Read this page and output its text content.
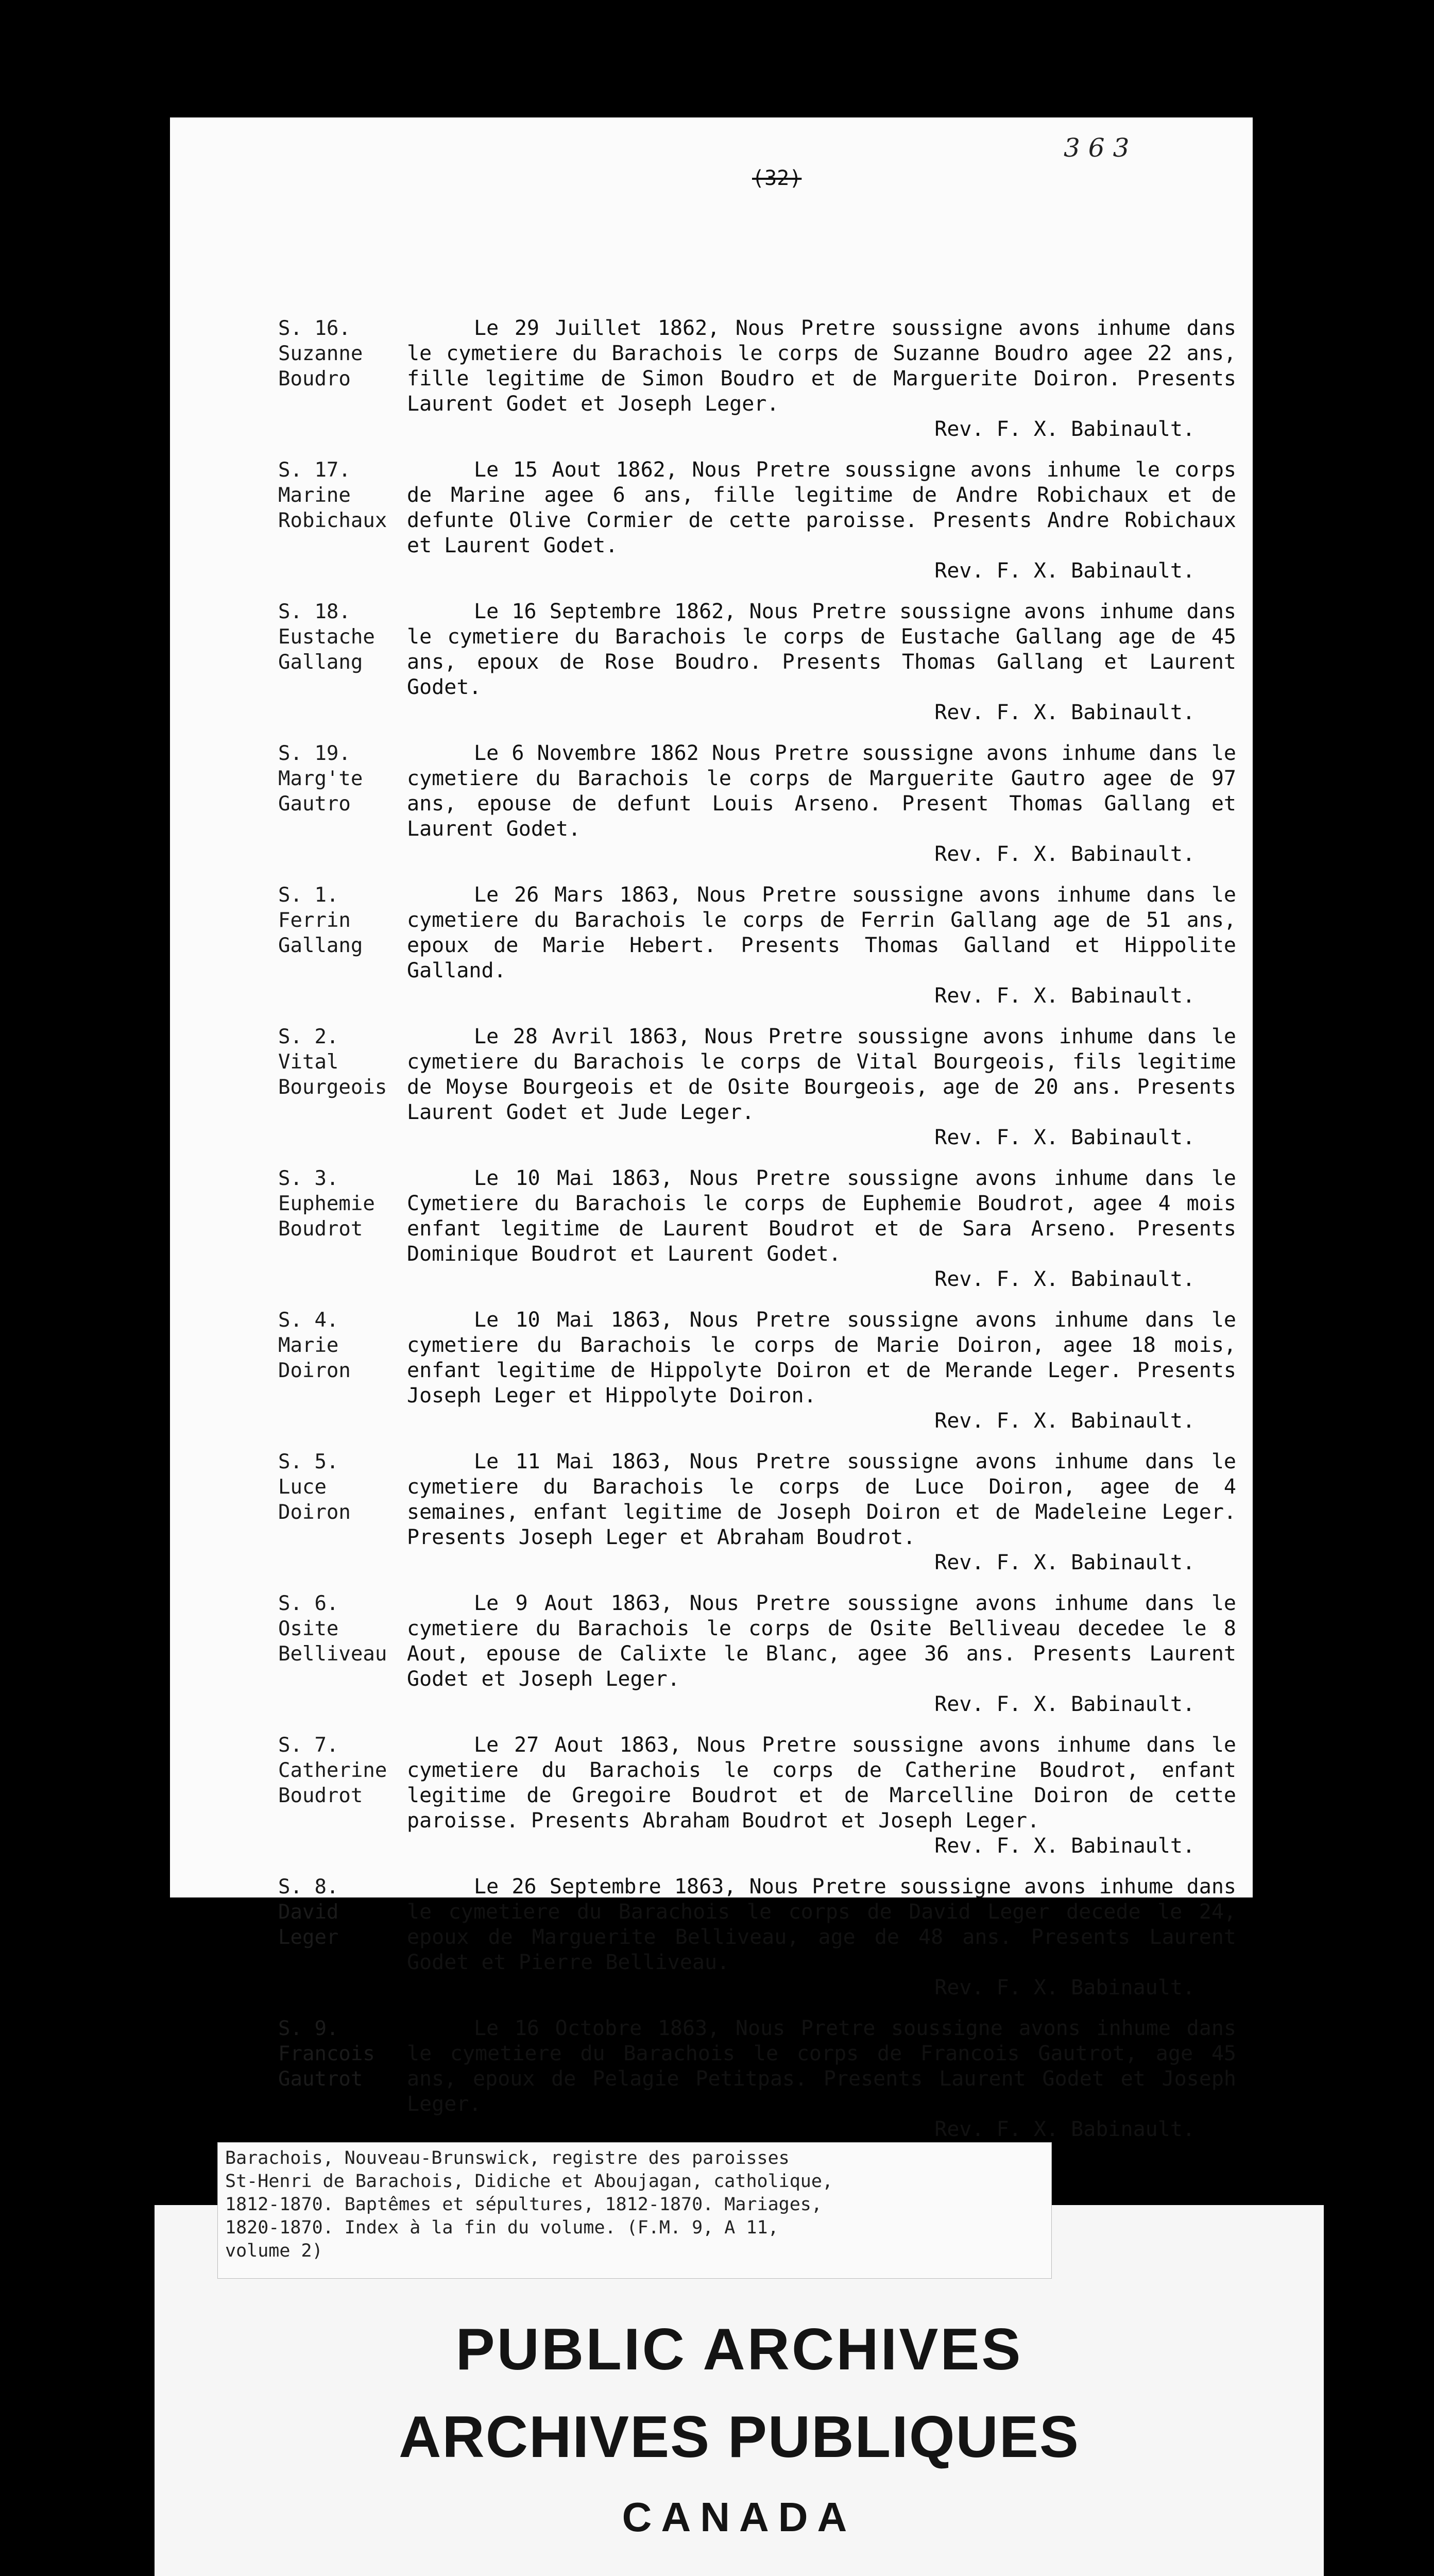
363
(32)
S. 16.
Suzanne
Boudro
Le 29 Juillet 1862, Nous Pretre soussigne avons inhume dans le cymetiere du Barachois le corps de Suzanne Boudro agee 22 ans, fille legitime de Simon Boudro et de Marguerite Doiron. Presents Laurent Godet et Joseph Leger.
Rev. F. X. Babinault.
S. 17.
Marine
Robichaux
Le 15 Aout 1862, Nous Pretre soussigne avons inhume le corps de Marine agee 6 ans, fille legitime de Andre Robichaux et de defunte Olive Cormier de cette paroisse. Presents Andre Robichaux et Laurent Godet.
Rev. F. X. Babinault.
S. 18.
Eustache
Gallang
Le 16 Septembre 1862, Nous Pretre soussigne avons inhume dans le cymetiere du Barachois le corps de Eustache Gallang age de 45 ans, epoux de Rose Boudro. Presents Thomas Gallang et Laurent Godet.
Rev. F. X. Babinault.
S. 19.
Marg'te
Gautro
Le 6 Novembre 1862 Nous Pretre soussigne avons inhume dans le cymetiere du Barachois le corps de Marguerite Gautro agee de 97 ans, epouse de defunt Louis Arseno. Present Thomas Gallang et Laurent Godet.
Rev. F. X. Babinault.
S. 1.
Ferrin
Gallang
Le 26 Mars 1863, Nous Pretre soussigne avons inhume dans le cymetiere du Barachois le corps de Ferrin Gallang age de 51 ans, epoux de Marie Hebert. Presents Thomas Galland et Hippolite Galland.
Rev. F. X. Babinault.
S. 2.
Vital
Bourgeois
Le 28 Avril 1863, Nous Pretre soussigne avons inhume dans le cymetiere du Barachois le corps de Vital Bourgeois, fils legitime de Moyse Bourgeois et de Osite Bourgeois, age de 20 ans. Presents Laurent Godet et Jude Leger.
Rev. F. X. Babinault.
S. 3.
Euphemie
Boudrot
Le 10 Mai 1863, Nous Pretre soussigne avons inhume dans le Cymetiere du Barachois le corps de Euphemie Boudrot, agee 4 mois enfant legitime de Laurent Boudrot et de Sara Arseno. Presents Dominique Boudrot et Laurent Godet.
Rev. F. X. Babinault.
S. 4.
Marie
Doiron
Le 10 Mai 1863, Nous Pretre soussigne avons inhume dans le cymetiere du Barachois le corps de Marie Doiron, agee 18 mois, enfant legitime de Hippolyte Doiron et de Merande Leger. Presents Joseph Leger et Hippolyte Doiron.
Rev. F. X. Babinault.
S. 5.
Luce
Doiron
Le 11 Mai 1863, Nous Pretre soussigne avons inhume dans le cymetiere du Barachois le corps de Luce Doiron, agee de 4 semaines, enfant legitime de Joseph Doiron et de Madeleine Leger. Presents Joseph Leger et Abraham Boudrot.
Rev. F. X. Babinault.
S. 6.
Osite
Belliveau
Le 9 Aout 1863, Nous Pretre soussigne avons inhume dans le cymetiere du Barachois le corps de Osite Belliveau decedee le 8 Aout, epouse de Calixte le Blanc, agee 36 ans. Presents Laurent Godet et Joseph Leger.
Rev. F. X. Babinault.
S. 7.
Catherine
Boudrot
Le 27 Aout 1863, Nous Pretre soussigne avons inhume dans le cymetiere du Barachois le corps de Catherine Boudrot, enfant legitime de Gregoire Boudrot et de Marcelline Doiron de cette paroisse. Presents Abraham Boudrot et Joseph Leger.
Rev. F. X. Babinault.
S. 8.
David
Leger
Le 26 Septembre 1863, Nous Pretre soussigne avons inhume dans le cymetiere du Barachois le corps de David Leger decede le 24, epoux de Marguerite Belliveau, age de 48 ans. Presents Laurent Godet et Pierre Belliveau.
Rev. F. X. Babinault.
S. 9.
Francois
Gautrot
Le 16 Octobre 1863, Nous Pretre soussigne avons inhume dans le cymetiere du Barachois le corps de Francois Gautrot, age 45 ans, epoux de Pelagie Petitpas. Presents Laurent Godet et Joseph Leger.
Rev. F. X. Babinault.
PUBLIC ARCHIVES
ARCHIVES PUBLIQUES
CANADA
Barachois, Nouveau-Brunswick, registre des paroisses
St-Henri de Barachois, Didiche et Aboujagan, catholique,
1812-1870. Baptêmes et sépultures, 1812-1870. Mariages,
1820-1870. Index à la fin du volume. (F.M. 9, A 11,
volume 2)
